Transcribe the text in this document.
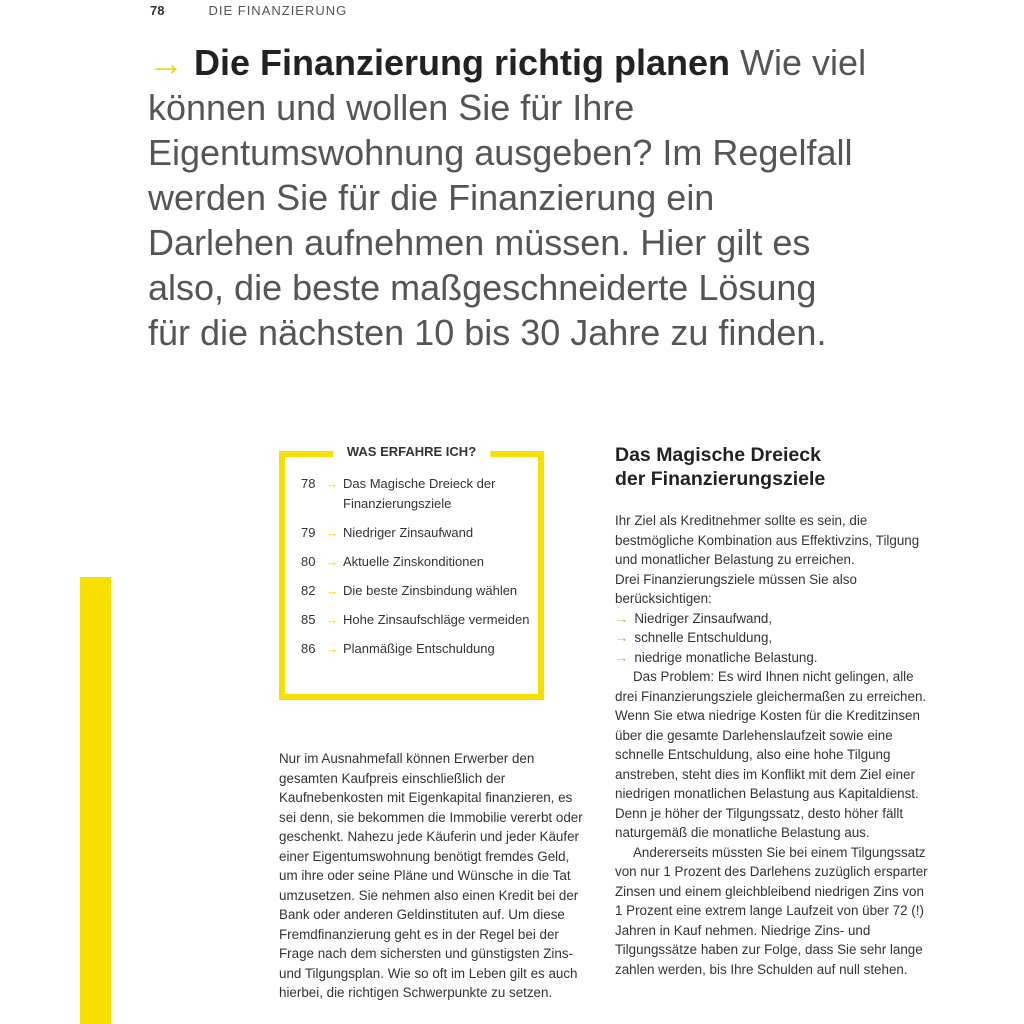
78	DIE FINANZIERUNG

→ Die Finanzierung richtig planen Wie viel können und wollen Sie für Ihre Eigentumswohnung ausgeben? Im Regelfall werden Sie für die Finanzierung ein Darlehen aufnehmen müssen. Hier gilt es also, die beste maßgeschneiderte Lösung für die nächsten 10 bis 30 Jahre zu finden.

WAS ERFAHRE ICH?
78 → Das Magische Dreieck der Finanzierungsziele
79 → Niedriger Zinsaufwand
80 → Aktuelle Zinskonditionen
82 → Die beste Zinsbindung wählen
85 → Hohe Zinsaufschläge vermeiden
86 → Planmäßige Entschuldung

Nur im Ausnahmefall können Erwerber den gesamten Kaufpreis einschließlich der Kaufnebenkosten mit Eigenkapital finanzieren, es sei denn, sie bekommen die Immobilie vererbt oder geschenkt. Nahezu jede Käuferin und jeder Käufer einer Eigentumswohnung benötigt fremdes Geld, um ihre oder seine Pläne und Wünsche in die Tat umzusetzen. Sie nehmen also einen Kredit bei der Bank oder anderen Geldinstituten auf. Um diese Fremdfinanzierung geht es in der Regel bei der Frage nach dem sichersten und günstigsten Zins- und Tilgungsplan. Wie so oft im Leben gilt es auch hierbei, die richtigen Schwerpunkte zu setzen.

Das Magische Dreieck
der Finanzierungsziele

Ihr Ziel als Kreditnehmer sollte es sein, die bestmögliche Kombination aus Effektivzins, Tilgung und monatlicher Belastung zu erreichen.

Drei Finanzierungsziele müssen Sie also berücksichtigen:

→ Niedriger Zinsaufwand,
→ schnelle Entschuldung,
→ niedrige monatliche Belastung.

Das Problem: Es wird Ihnen nicht gelingen, alle drei Finanzierungsziele gleichermaßen zu erreichen. Wenn Sie etwa niedrige Kosten für die Kreditzinsen über die gesamte Darlehenslaufzeit sowie eine schnelle Entschuldung, also eine hohe Tilgung anstreben, steht dies im Konflikt mit dem Ziel einer niedrigen monatlichen Belastung aus Kapitaldienst. Denn je höher der Tilgungssatz, desto höher fällt naturgemäß die monatliche Belastung aus.

Andererseits müssten Sie bei einem Tilgungssatz von nur 1 Prozent des Darlehens zuzüglich ersparter Zinsen und einem gleichbleibend niedrigen Zins von 1 Prozent eine extrem lange Laufzeit von über 72 (!) Jahren in Kauf nehmen. Niedrige Zins- und Tilgungssätze haben zur Folge, dass Sie sehr lange zahlen werden, bis Ihre Schulden auf null stehen.
